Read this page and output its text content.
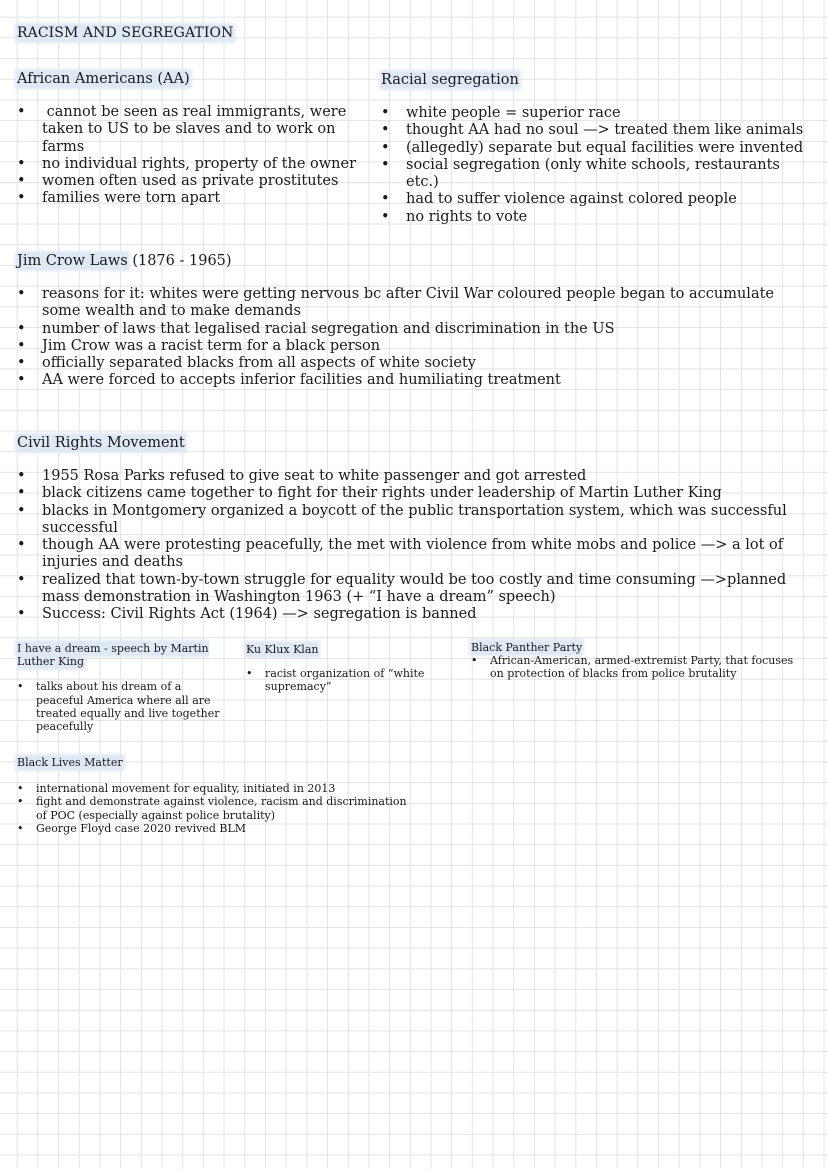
RACISM AND SEGREGATION
African Americans (AA)
•  cannot be seen as real immigrants, were taken to US to be slaves and to work on farms
• no individual rights, property of the owner
• women often used as private prostitutes
• families were torn apart
Racial segregation
• white people = superior race
• thought AA had no soul —> treated them like animals
• (allegedly) separate but equal facilities were invented
• social segregation (only white schools, restaurants etc.)
• had to suffer violence against colored people
• no rights to vote
Jim Crow Laws (1876 - 1965)
• reasons for it: whites were getting nervous bc after Civil War coloured people began to accumulate some wealth and to make demands
• number of laws that legalised racial segregation and discrimination in the US
• Jim Crow was a racist term for a black person
• officially separated blacks from all aspects of white society
• AA were forced to accepts inferior facilities and humiliating treatment
Civil Rights Movement
• 1955 Rosa Parks refused to give seat to white passenger and got arrested
• black citizens came together to fight for their rights under leadership of Martin Luther King
• blacks in Montgomery organized a boycott of the public transportation system, which was successful successful
• though AA were protesting peacefully, the met with violence from white mobs and police —> a lot of injuries and deaths
• realized that town-by-town struggle for equality would be too costly and time consuming —>planned mass demonstration in Washington 1963 (+ “I have a dream” speech)
• Success: Civil Rights Act (1964) —> segregation is banned
I have a dream - speech by Martin Luther King
• talks about his dream of a peaceful America where all are treated equally and live together peacefully
Ku Klux Klan
• racist organization of “white supremacy”
Black Panther Party
• African-American, armed-extremist Party, that focuses on protection of blacks from police brutality
Black Lives Matter
• international movement for equality, initiated in 2013
• fight and demonstrate against violence, racism and discrimination of POC (especially against police brutality)
• George Floyd case 2020 revived BLM
